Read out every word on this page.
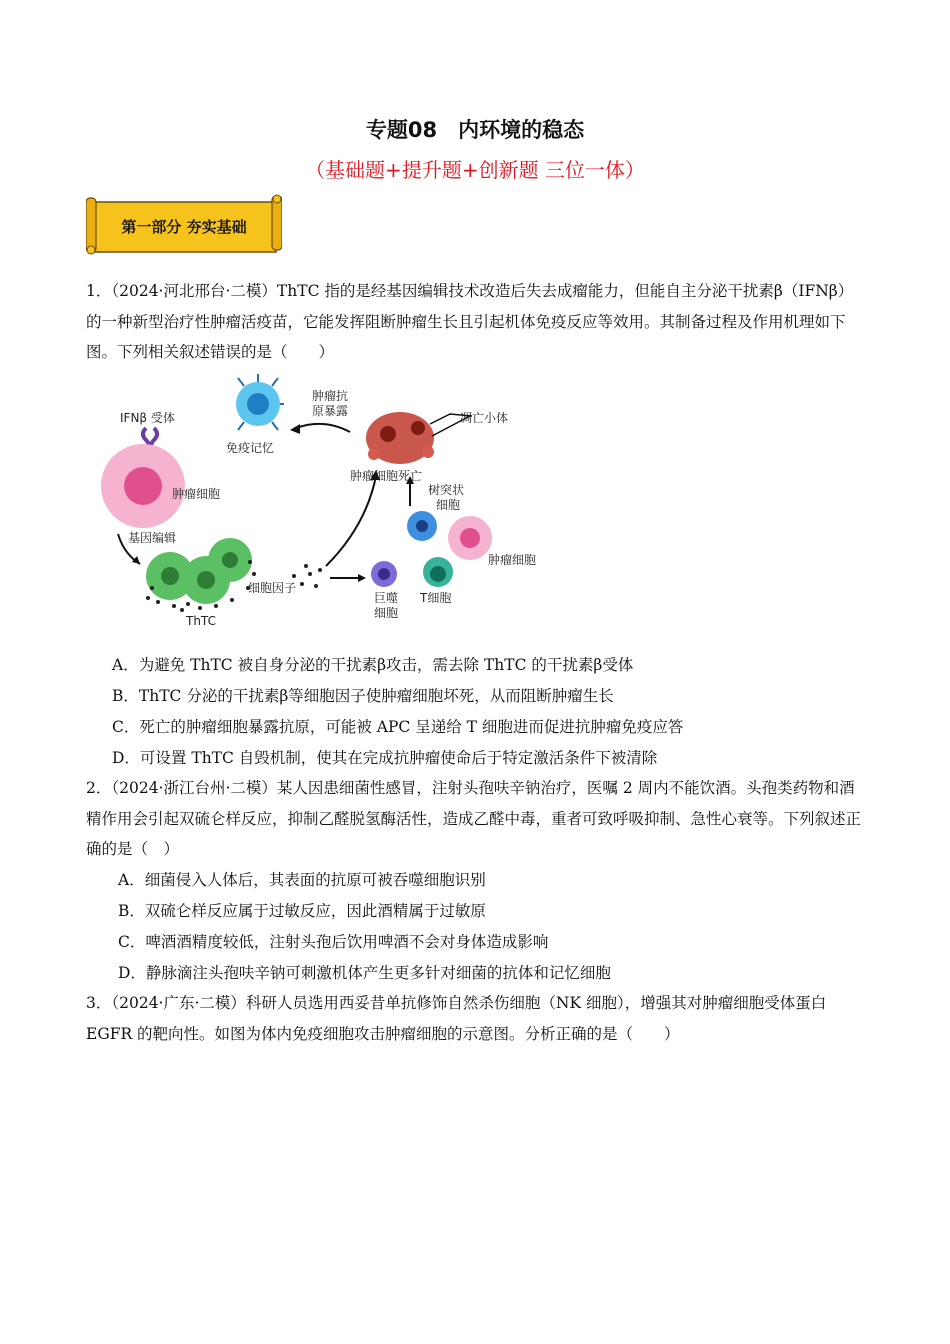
专题08　内环境的稳态
（基础题+提升题+创新题 三位一体）
第一部分 夯实基础
1．（2024·河北邢台·二模）ThTC 指的是经基因编辑技术改造后失去成瘤能力，但能自主分泌干扰素β（IFNβ）的一种新型治疗性肿瘤活疫苗，它能发挥阻断肿瘤生长且引起机体免疫反应等效用。其制备过程及作用机理如下图。下列相关叙述错误的是（　　）
IFNβ 受体
肿瘤细胞
基因编辑
ThTC
细胞因子
巨噬
细胞
T细胞
肿瘤细胞
树突状
细胞
肿瘤细胞死亡
凋亡小体
肿瘤抗
原暴露
免疫记忆
A．为避免 ThTC 被自身分泌的干扰素β攻击，需去除 ThTC 的干扰素β受体
B．ThTC 分泌的干扰素β等细胞因子使肿瘤细胞坏死，从而阻断肿瘤生长
C．死亡的肿瘤细胞暴露抗原，可能被 APC 呈递给 T 细胞进而促进抗肿瘤免疫应答
D．可设置 ThTC 自毁机制，使其在完成抗肿瘤使命后于特定激活条件下被清除
2．（2024·浙江台州·二模）某人因患细菌性感冒，注射头孢呋辛钠治疗，医嘱 2 周内不能饮酒。头孢类药物和酒精作用会引起双硫仑样反应，抑制乙醛脱氢酶活性，造成乙醛中毒，重者可致呼吸抑制、急性心衰等。下列叙述正确的是（　）
A．细菌侵入人体后，其表面的抗原可被吞噬细胞识别
B．双硫仑样反应属于过敏反应，因此酒精属于过敏原
C．啤酒酒精度较低，注射头孢后饮用啤酒不会对身体造成影响
D．静脉滴注头孢呋辛钠可刺激机体产生更多针对细菌的抗体和记忆细胞
3．（2024·广东·二模）科研人员选用西妥昔单抗修饰自然杀伤细胞（NK 细胞），增强其对肿瘤细胞受体蛋白 EGFR 的靶向性。如图为体内免疫细胞攻击肿瘤细胞的示意图。分析正确的是（　　）
